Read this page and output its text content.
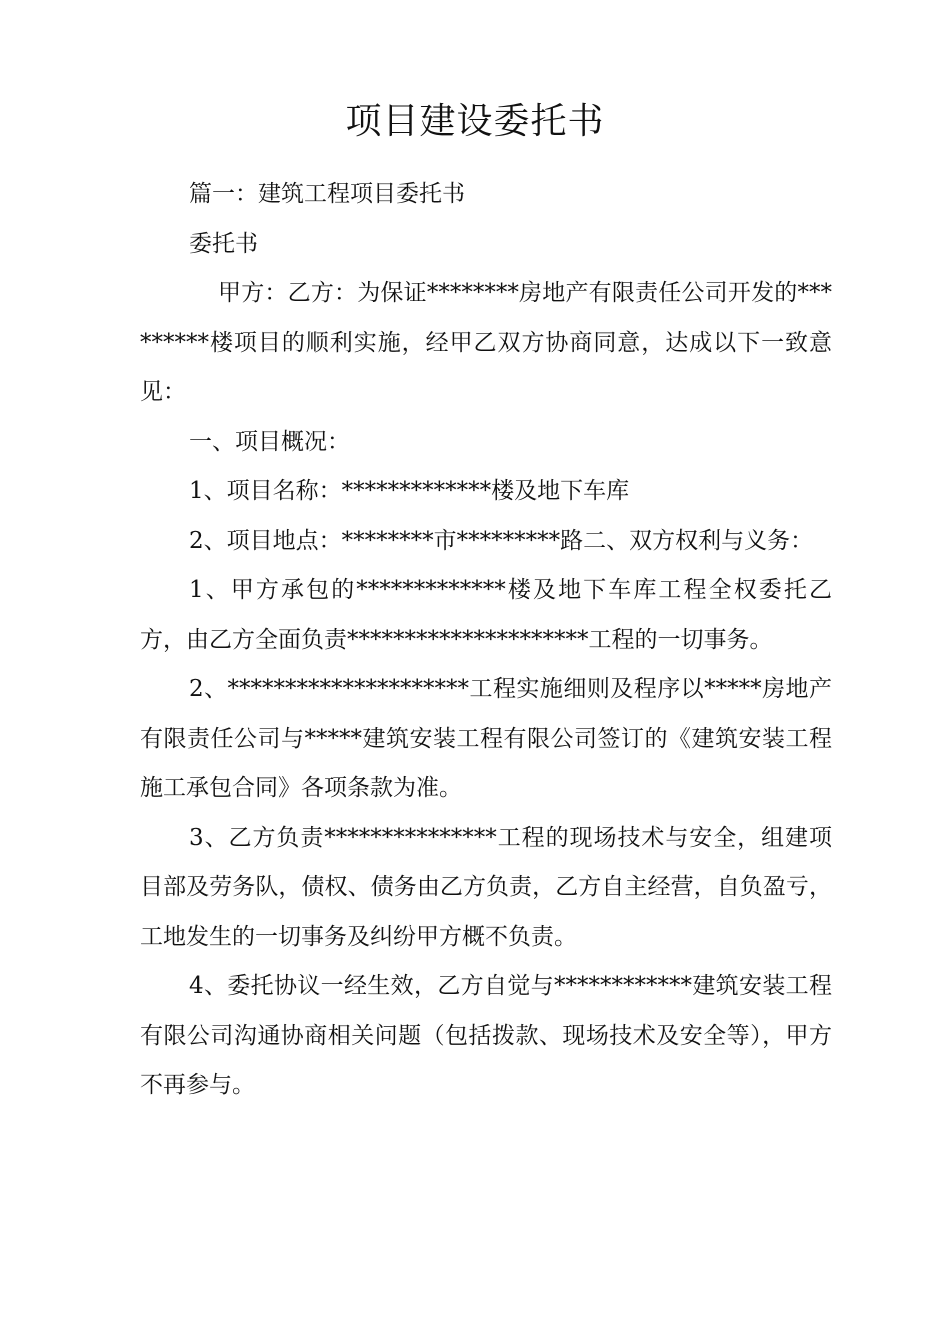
项目建设委托书

篇一：建筑工程项目委托书

委托书

甲方：乙方：为保证********房地产有限责任公司开发的*********楼项目的顺利实施，经甲乙双方协商同意，达成以下一致意见：

一、项目概况：

1、项目名称：*************楼及地下车库

2、项目地点：********市*********路二、双方权利与义务：

1、甲方承包的*************楼及地下车库工程全权委托乙方，由乙方全面负责*********************工程的一切事务。

2、*********************工程实施细则及程序以*****房地产有限责任公司与*****建筑安装工程有限公司签订的《建筑安装工程施工承包合同》各项条款为准。

3、乙方负责***************工程的现场技术与安全，组建项目部及劳务队，债权、债务由乙方负责，乙方自主经营，自负盈亏，工地发生的一切事务及纠纷甲方概不负责。

4、委托协议一经生效，乙方自觉与************建筑安装工程有限公司沟通协商相关问题（包括拨款、现场技术及安全等），甲方不再参与。
